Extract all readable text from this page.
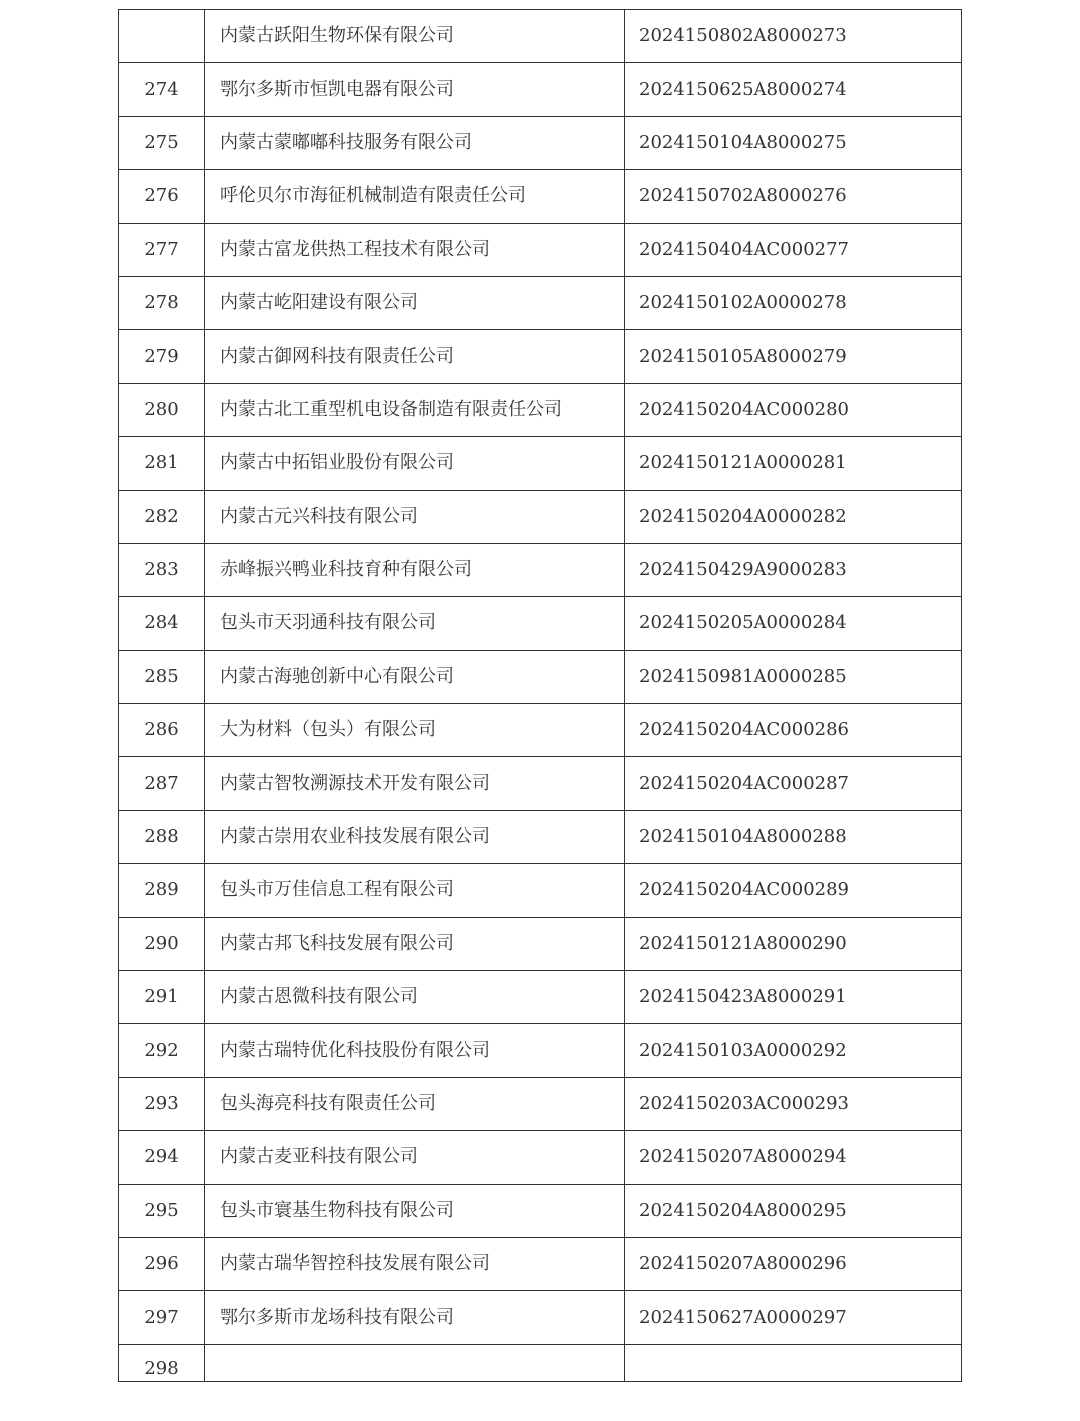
	内蒙古跃阳生物环保有限公司	2024150802A8000273
274	鄂尔多斯市恒凯电器有限公司	2024150625A8000274
275	内蒙古蒙嘟嘟科技服务有限公司	2024150104A8000275
276	呼伦贝尔市海征机械制造有限责任公司	2024150702A8000276
277	内蒙古富龙供热工程技术有限公司	2024150404AC000277
278	内蒙古屹阳建设有限公司	2024150102A0000278
279	内蒙古御网科技有限责任公司	2024150105A8000279
280	内蒙古北工重型机电设备制造有限责任公司	2024150204AC000280
281	内蒙古中拓铝业股份有限公司	2024150121A0000281
282	内蒙古元兴科技有限公司	2024150204A0000282
283	赤峰振兴鸭业科技育种有限公司	2024150429A9000283
284	包头市天羽通科技有限公司	2024150205A0000284
285	内蒙古海驰创新中心有限公司	2024150981A0000285
286	大为材料（包头）有限公司	2024150204AC000286
287	内蒙古智牧溯源技术开发有限公司	2024150204AC000287
288	内蒙古崇用农业科技发展有限公司	2024150104A8000288
289	包头市万佳信息工程有限公司	2024150204AC000289
290	内蒙古邦飞科技发展有限公司	2024150121A8000290
291	内蒙古恩微科技有限公司	2024150423A8000291
292	内蒙古瑞特优化科技股份有限公司	2024150103A0000292
293	包头海亮科技有限责任公司	2024150203AC000293
294	内蒙古麦亚科技有限公司	2024150207A8000294
295	包头市寰基生物科技有限公司	2024150204A8000295
296	内蒙古瑞华智控科技发展有限公司	2024150207A8000296
297	鄂尔多斯市龙场科技有限公司	2024150627A0000297
298		
